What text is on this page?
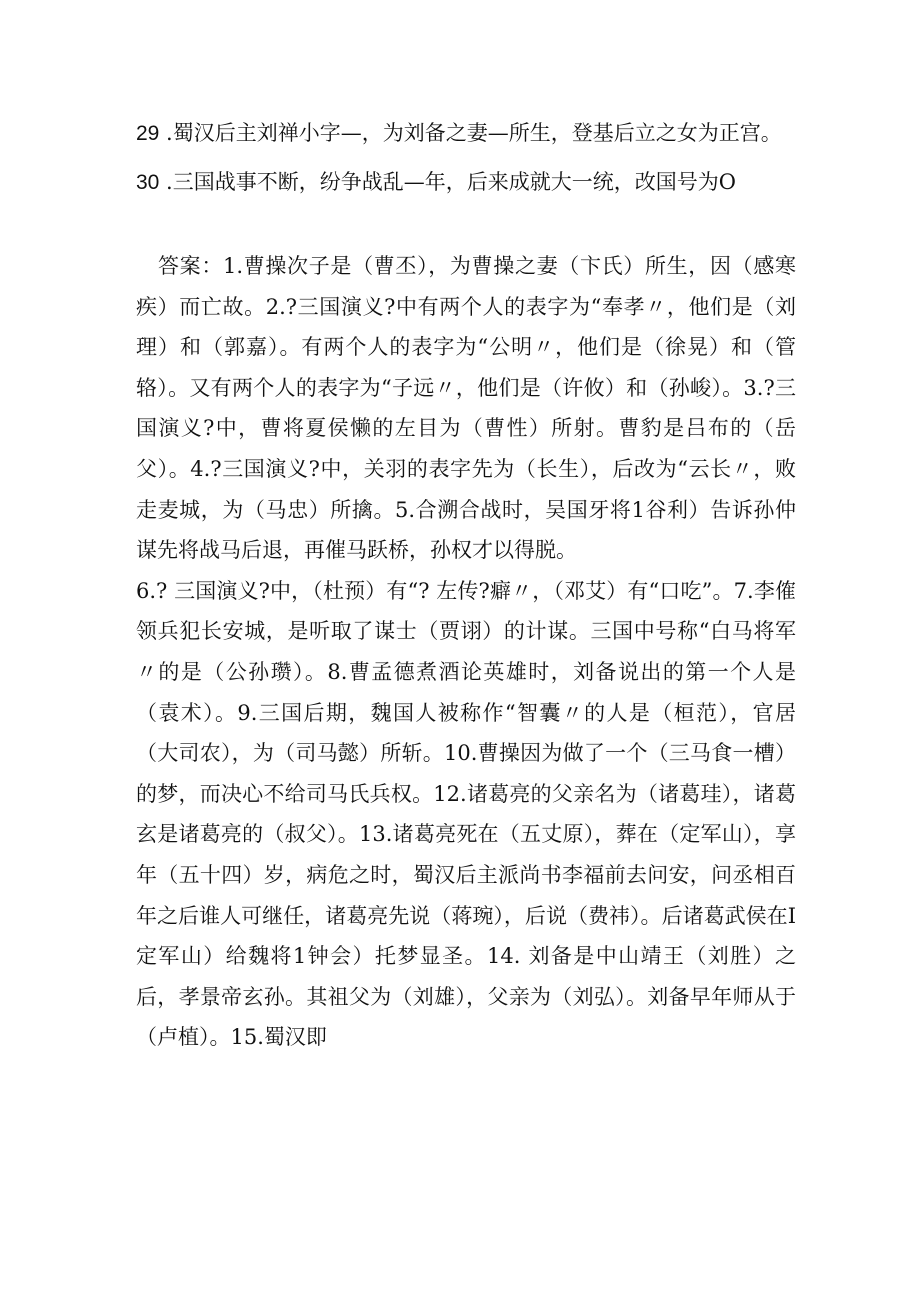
29 .蜀汉后主刘禅小字—，为刘备之妻—所生，登基后立之女为正宫。
30 .三国战事不断，纷争战乱—年，后来成就大一统，改国号为O

答案：1.曹操次子是（曹丕），为曹操之妻（卞氏）所生，因（感寒疾）而亡故。2.?三国演义?中有两个人的表字为“奉孝〃，他们是（刘理）和（郭嘉）。有两个人的表字为“公明〃，他们是（徐晃）和（管辂）。又有两个人的表字为“子远〃，他们是（许攸）和（孙峻）。3.?三国演义?中，曹将夏侯懒的左目为（曹性）所射。曹豹是吕布的（岳父）。4.?三国演义?中，关羽的表字先为（长生），后改为“云长〃，败走麦城，为（马忠）所擒。5.合溯合战时，吴国牙将1谷利）告诉孙仲谋先将战马后退，再催马跃桥，孙权才以得脱。

6.? 三国演义?中，（杜预）有“? 左传?癖〃，（邓艾）有“口吃”。7.李傕领兵犯长安城，是听取了谋士（贾诩）的计谋。三国中号称“白马将军〃的是（公孙瓒）。8.曹孟德煮酒论英雄时，刘备说出的第一个人是（袁术）。9.三国后期，魏国人被称作“智囊〃的人是（桓范），官居（大司农），为（司马懿）所斩。10.曹操因为做了一个（三马食一槽）的梦，而决心不给司马氏兵权。12.诸葛亮的父亲名为（诸葛珪），诸葛玄是诸葛亮的（叔父）。13.诸葛亮死在（五丈原），葬在（定军山），享年（五十四）岁，病危之时，蜀汉后主派尚书李福前去问安，问丞相百年之后谁人可继任，诸葛亮先说（蒋琬），后说（费祎）。后诸葛武侯在I定军山）给魏将1钟会）托梦显圣。14. 刘备是中山靖王（刘胜）之后，孝景帝玄孙。其祖父为（刘雄），父亲为（刘弘）。刘备早年师从于（卢植）。15.蜀汉即
